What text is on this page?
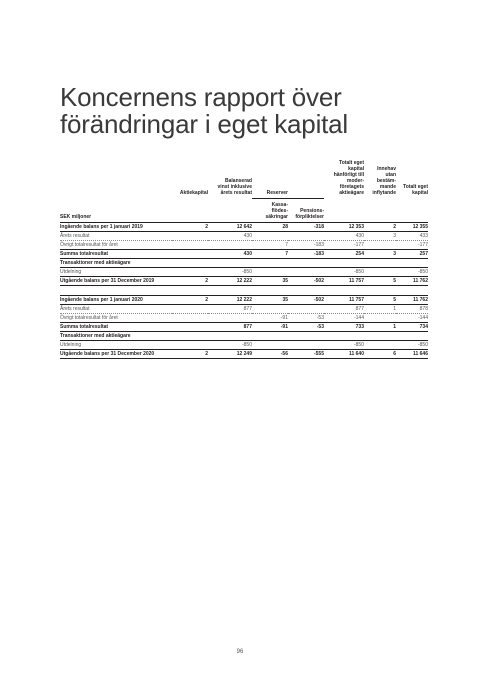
Koncernens rapport över
förändringar i eget kapital
	Aktiekapital	Balanserad vinst inklusive årets resultat	Reserver		Totalt eget kapital hänförligt till moder-företagets aktieägare	Innehav utan bestäm-mande inflytande	Totalt eget kapital
SEK miljoner			Kassa-flödes-säkringar	Pensions-förpliktelser			
Ingående balans per 1 januari 2019	2	12 642	28	-318	12 353	2	12 355
Årets resultat		430			430	3	433
Övrigt totalresultat för året			7	-183	-177		-177
Summa totalresultat		430	7	-183	254	3	257
Transaktioner med aktieägare							
Utdelning		-850			-850		-850
Utgående balans per 31 December 2019	2	12 222	35	-502	11 757	5	11 762

Ingående balans per 1 januari 2020	2	12 222	35	-502	11 757	5	11 762
Årets resultat		877			877	1	878
Övrigt totalresultat för året			-91	-53	-144		-144
Summa totalresultat		877	-91	-53	733	1	734
Transaktioner med aktieägare							
Utdelning		-850			-850		-850
Utgående balans per 31 December 2020	2	12 249	-56	-555	11 640	6	11 646
96
